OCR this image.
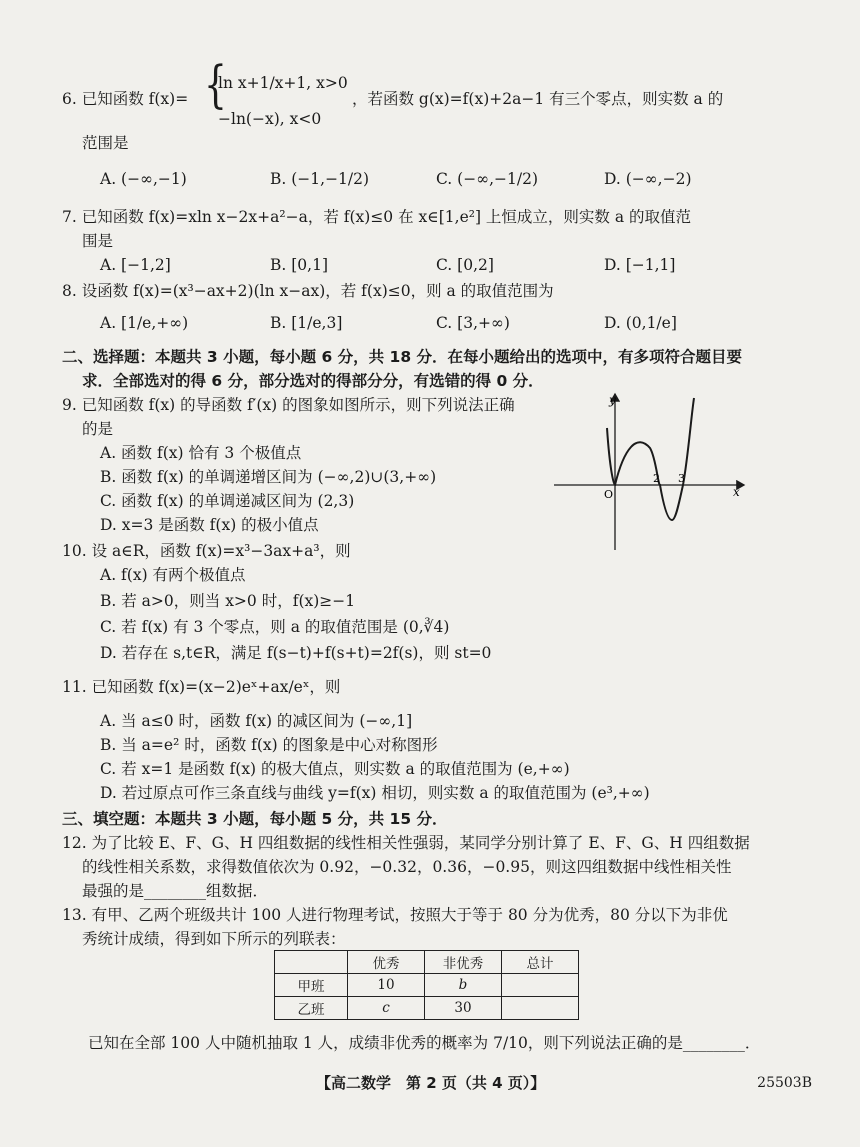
6. 已知函数 f(x)= {
ln x+1/x+1, x>0
−ln(−x), x<0
，若函数 g(x)=f(x)+2a−1 有三个零点，则实数 a 的
范围是
A. (−∞,−1)	B. (−1,−1/2)	C. (−∞,−1/2)	D. (−∞,−2)
7. 已知函数 f(x)=xln x−2x+a²−a，若 f(x)≤0 在 x∈[1,e²] 上恒成立，则实数 a 的取值范
围是
A. [−1,2]	B. [0,1]	C. [0,2]	D. [−1,1]
8. 设函数 f(x)=(x³−ax+2)(ln x−ax)，若 f(x)≤0，则 a 的取值范围为
A. [1/e,+∞)	B. [1/e,3]	C. [3,+∞)	D. (0,1/e]
二、选择题：本题共 3 小题，每小题 6 分，共 18 分．在每小题给出的选项中，有多项符合题目要
求．全部选对的得 6 分，部分选对的得部分分，有选错的得 0 分．
9. 已知函数 f(x) 的导函数 f′(x) 的图象如图所示，则下列说法正确
的是
A. 函数 f(x) 恰有 3 个极值点
B. 函数 f(x) 的单调递增区间为 (−∞,2)∪(3,+∞)
C. 函数 f(x) 的单调递减区间为 (2,3)
D. x=3 是函数 f(x) 的极小值点
y
x
O
2 3
10. 设 a∈R，函数 f(x)=x³−3ax+a³，则
A. f(x) 有两个极值点
B. 若 a>0，则当 x>0 时，f(x)≥−1
C. 若 f(x) 有 3 个零点，则 a 的取值范围是 (0,∛4)
D. 若存在 s,t∈R，满足 f(s−t)+f(s+t)=2f(s)，则 st=0
11. 已知函数 f(x)=(x−2)eˣ+ax/eˣ，则
A. 当 a≤0 时，函数 f(x) 的减区间为 (−∞,1]
B. 当 a=e² 时，函数 f(x) 的图象是中心对称图形
C. 若 x=1 是函数 f(x) 的极大值点，则实数 a 的取值范围为 (e,+∞)
D. 若过原点可作三条直线与曲线 y=f(x) 相切，则实数 a 的取值范围为 (e³,+∞)
三、填空题：本题共 3 小题，每小题 5 分，共 15 分．
12. 为了比较 E、F、G、H 四组数据的线性相关性强弱，某同学分别计算了 E、F、G、H 四组数据
的线性相关系数，求得数值依次为 0.92，−0.32，0.36，−0.95，则这四组数据中线性相关性
最强的是________组数据．
13. 有甲、乙两个班级共计 100 人进行物理考试，按照大于等于 80 分为优秀，80 分以下为非优
秀统计成绩，得到如下所示的列联表：
	优秀	非优秀	总计
甲班	10	b	
乙班	c	30	
已知在全部 100 人中随机抽取 1 人，成绩非优秀的概率为 7/10，则下列说法正确的是________．
【高二数学　第 2 页（共 4 页）】	25503B
